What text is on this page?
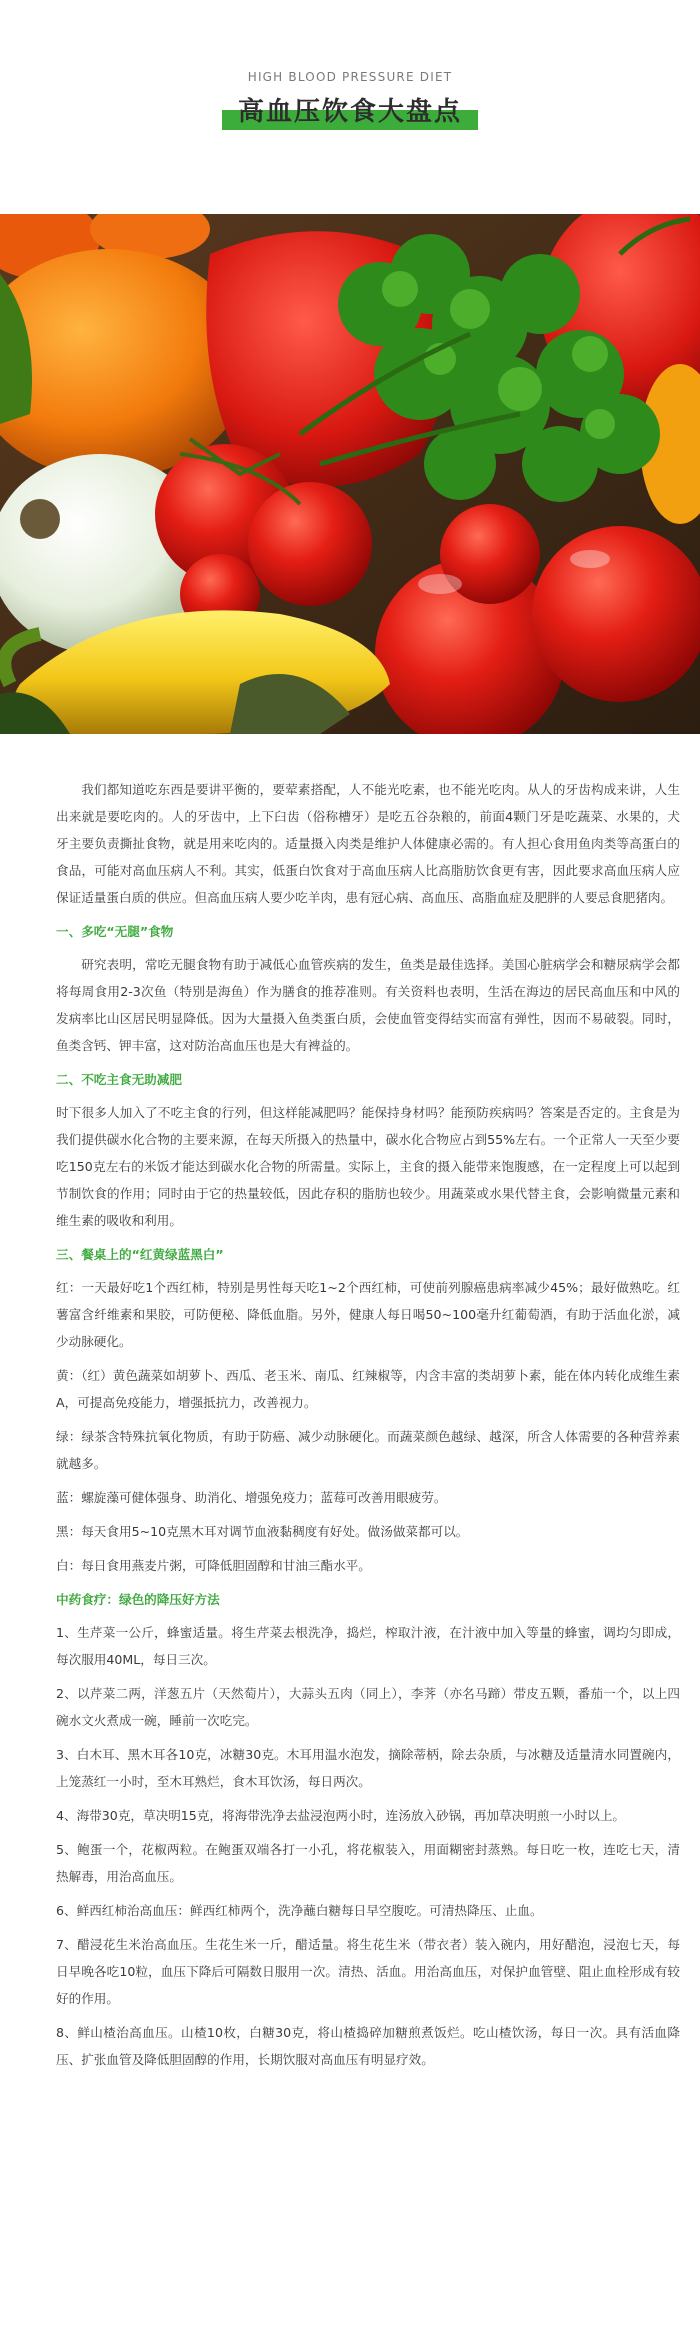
HIGH BLOOD PRESSURE DIET
高血压饮食大盘点

我们都知道吃东西是要讲平衡的，要荤素搭配，人不能光吃素，也不能光吃肉。从人的牙齿构成来讲，人生出来就是要吃肉的。人的牙齿中，上下臼齿（俗称槽牙）是吃五谷杂粮的，前面4颗门牙是吃蔬菜、水果的，犬牙主要负责撕扯食物，就是用来吃肉的。适量摄入肉类是维护人体健康必需的。有人担心食用鱼肉类等高蛋白的食品，可能对高血压病人不利。其实，低蛋白饮食对于高血压病人比高脂肪饮食更有害，因此要求高血压病人应保证适量蛋白质的供应。但高血压病人要少吃羊肉，患有冠心病、高血压、高脂血症及肥胖的人要忌食肥猪肉。

一、多吃“无腿”食物

研究表明，常吃无腿食物有助于减低心血管疾病的发生，鱼类是最佳选择。美国心脏病学会和糖尿病学会都将每周食用2-3次鱼（特别是海鱼）作为膳食的推荐准则。有关资料也表明，生活在海边的居民高血压和中风的发病率比山区居民明显降低。因为大量摄入鱼类蛋白质，会使血管变得结实而富有弹性，因而不易破裂。同时，鱼类含钙、钾丰富，这对防治高血压也是大有裨益的。

二、不吃主食无助减肥

时下很多人加入了不吃主食的行列，但这样能减肥吗？能保持身材吗？能预防疾病吗？答案是否定的。主食是为我们提供碳水化合物的主要来源，在每天所摄入的热量中，碳水化合物应占到55%左右。一个正常人一天至少要吃150克左右的米饭才能达到碳水化合物的所需量。实际上，主食的摄入能带来饱腹感，在一定程度上可以起到节制饮食的作用；同时由于它的热量较低，因此存积的脂肪也较少。用蔬菜或水果代替主食，会影响微量元素和维生素的吸收和利用。

三、餐桌上的“红黄绿蓝黑白”

红：一天最好吃1个西红柿，特别是男性每天吃1~2个西红柿，可使前列腺癌患病率减少45%；最好做熟吃。红薯富含纤维素和果胶，可防便秘、降低血脂。另外，健康人每日喝50~100毫升红葡萄酒，有助于活血化淤，减少动脉硬化。

黄：（红）黄色蔬菜如胡萝卜、西瓜、老玉米、南瓜、红辣椒等，内含丰富的类胡萝卜素，能在体内转化成维生素A，可提高免疫能力，增强抵抗力，改善视力。

绿：绿茶含特殊抗氧化物质，有助于防癌、减少动脉硬化。而蔬菜颜色越绿、越深，所含人体需要的各种营养素就越多。

蓝：螺旋藻可健体强身、助消化、增强免疫力；蓝莓可改善用眼疲劳。

黑：每天食用5~10克黑木耳对调节血液黏稠度有好处。做汤做菜都可以。

白：每日食用燕麦片粥，可降低胆固醇和甘油三酯水平。

中药食疗：绿色的降压好方法

1、生芹菜一公斤，蜂蜜适量。将生芹菜去根洗净，捣烂，榨取汁液，在汁液中加入等量的蜂蜜，调均匀即成，每次服用40ML，每日三次。

2、以芹菜二两，洋葱五片（天然萄片），大蒜头五肉（同上），李荠（亦名马蹄）带皮五颗，番茄一个，以上四碗水文火煮成一碗，睡前一次吃完。

3、白木耳、黑木耳各10克，冰糖30克。木耳用温水泡发，摘除蒂柄，除去杂质，与冰糖及适量清水同置碗内，上笼蒸红一小时，至木耳熟烂，食木耳饮汤，每日两次。

4、海带30克，草决明15克，将海带洗净去盐浸泡两小时，连汤放入砂锅，再加草决明煎一小时以上。

5、鲍蛋一个，花椒两粒。在鲍蛋双端各打一小孔，将花椒装入，用面糊密封蒸熟。每日吃一枚，连吃七天，清热解毒，用治高血压。

6、鲜西红柿治高血压：鲜西红柿两个，洗净蘸白糖每日早空腹吃。可清热降压、止血。

7、醋浸花生米治高血压。生花生米一斤，醋适量。将生花生米（带衣者）装入碗内，用好醋泡，浸泡七天，每日早晚各吃10粒，血压下降后可隔数日服用一次。清热、活血。用治高血压，对保护血管壁、阻止血栓形成有较好的作用。

8、鲜山楂治高血压。山楂10枚，白糖30克，将山楂捣碎加糖煎煮饭烂。吃山楂饮汤，每日一次。具有活血降压、扩张血管及降低胆固醇的作用，长期饮服对高血压有明显疗效。
